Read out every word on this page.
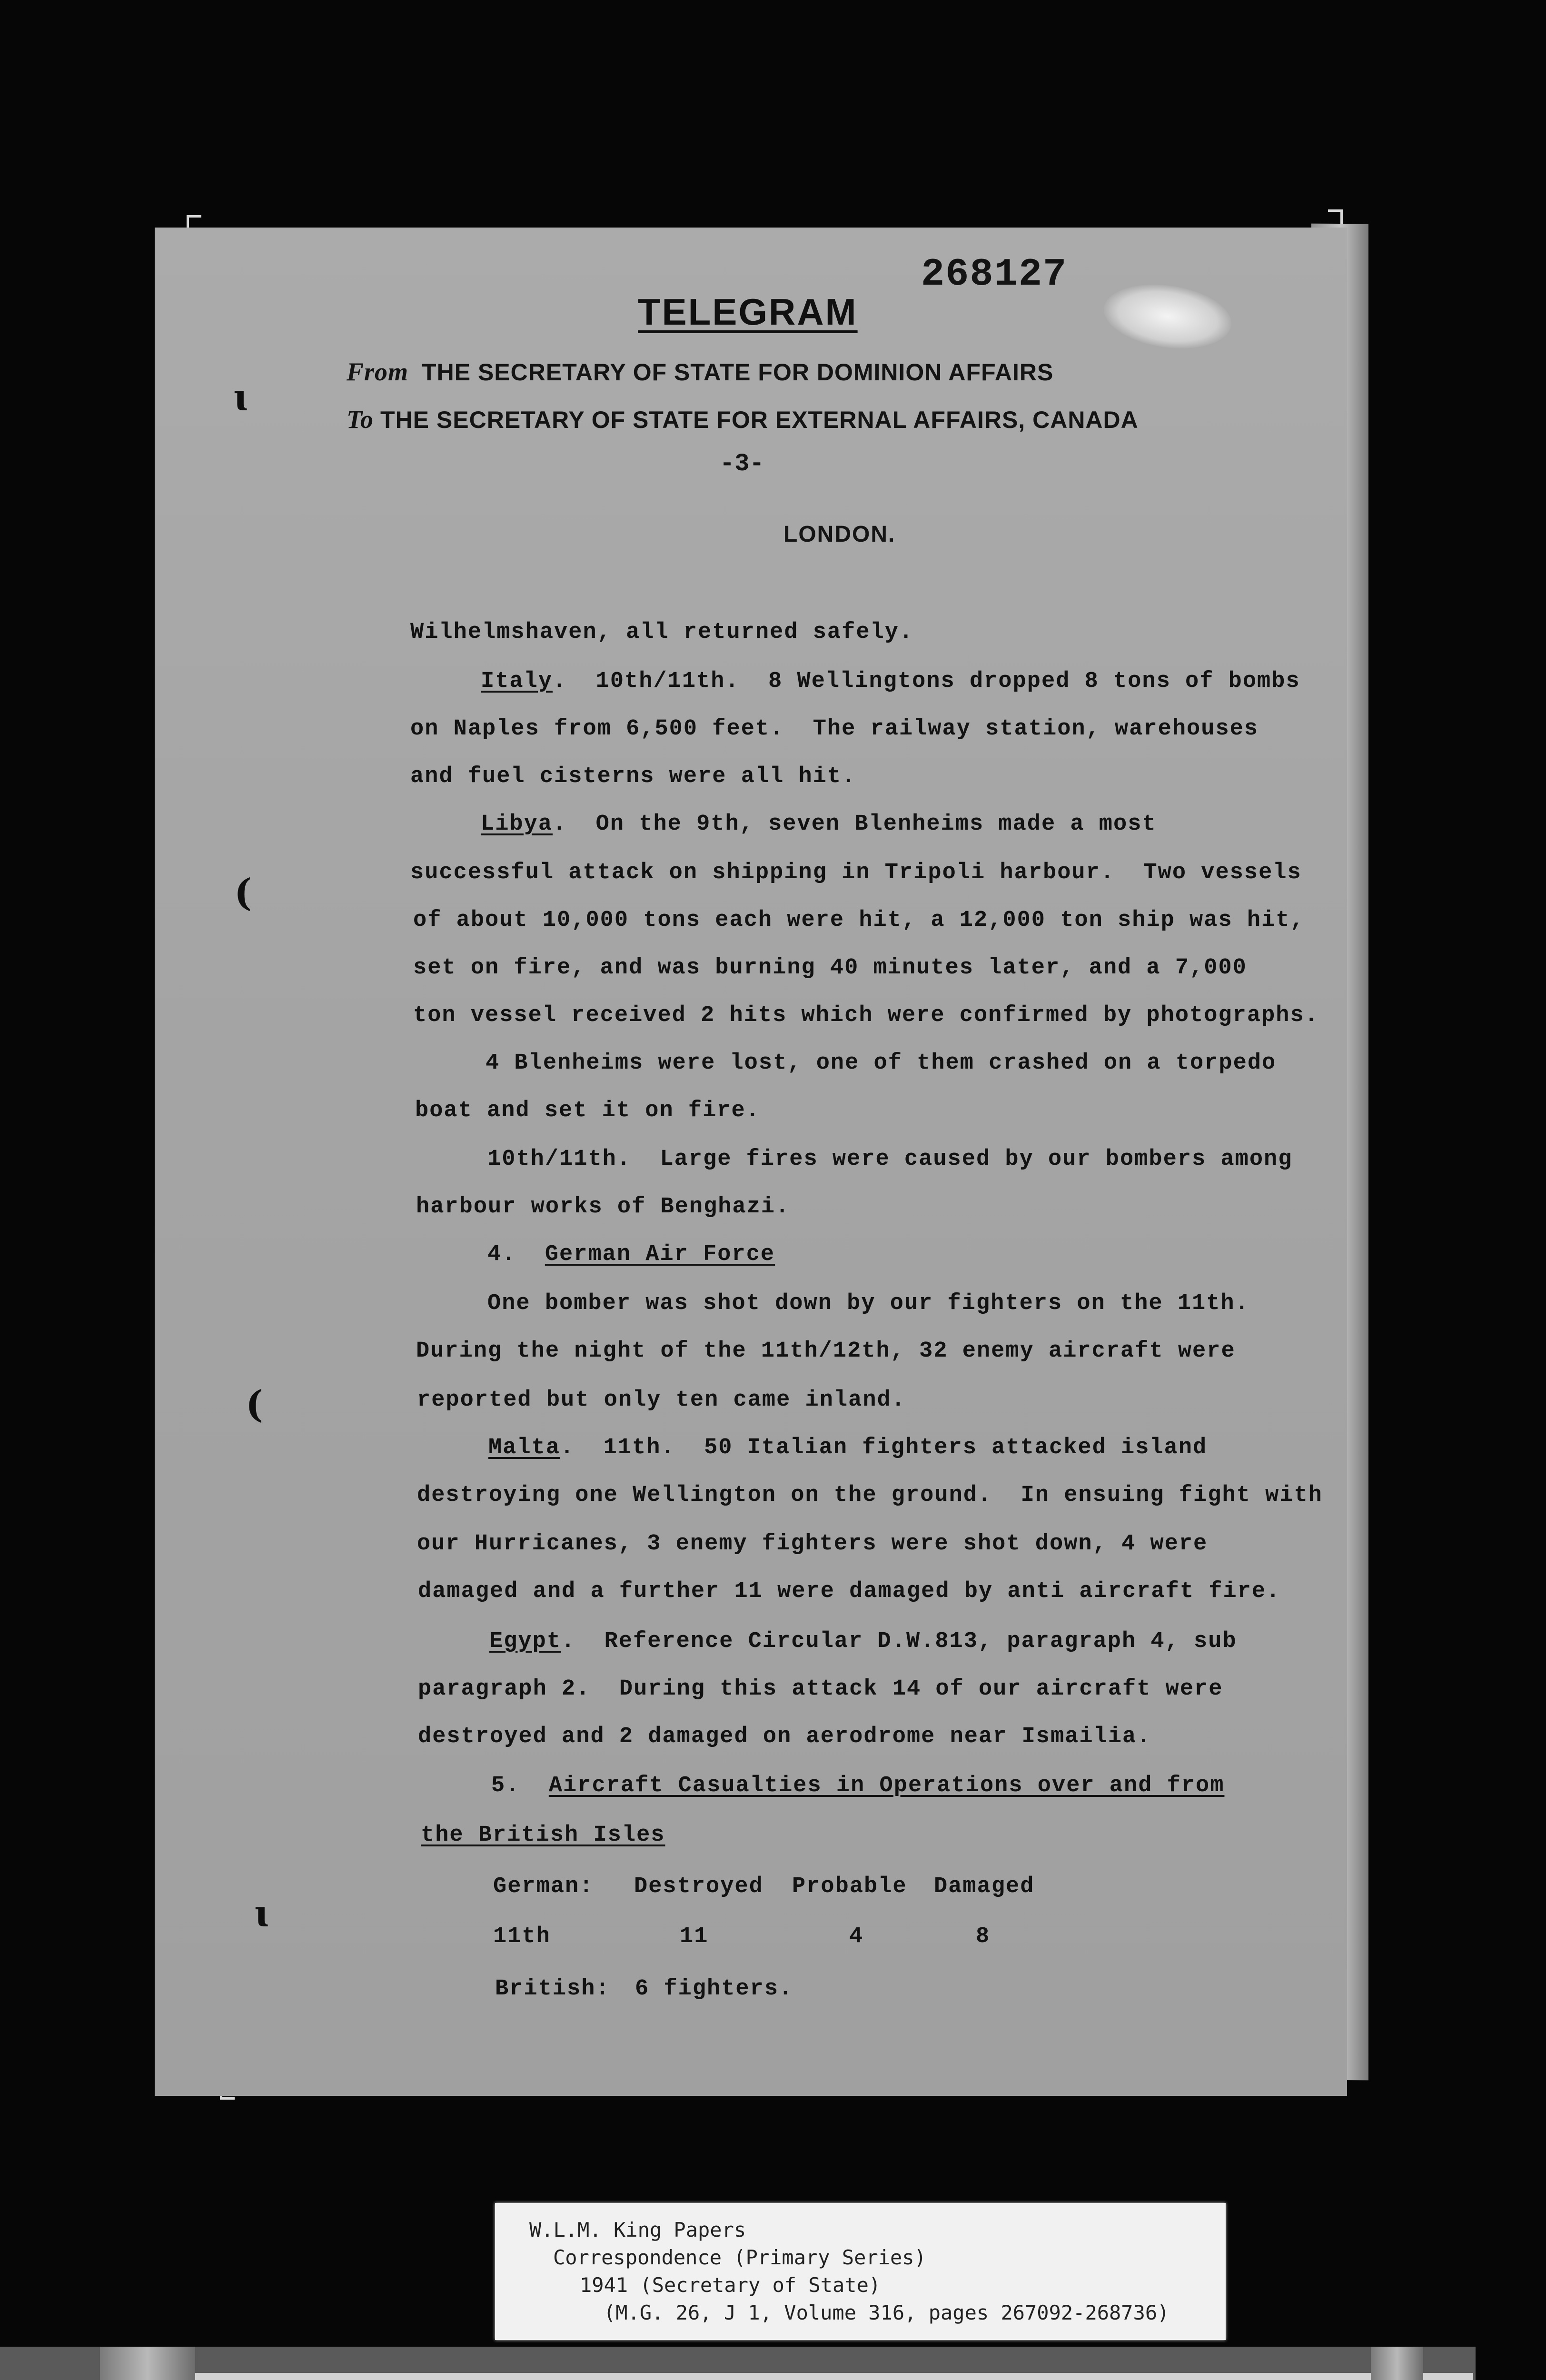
ɩ
(
(
ɩ
268127
TELEGRAM
From THE SECRETARY OF STATE FOR DOMINION AFFAIRS
To THE SECRETARY OF STATE FOR EXTERNAL AFFAIRS, CANADA
-3-
LONDON.
Wilhelmshaven, all returned safely.
Italy.  10th/11th.  8 Wellingtons dropped 8 tons of bombs
on Naples from 6,500 feet.  The railway station, warehouses
and fuel cisterns were all hit.
Libya.  On the 9th, seven Blenheims made a most
successful attack on shipping in Tripoli harbour.  Two vessels
of about 10,000 tons each were hit, a 12,000 ton ship was hit,
set on fire, and was burning 40 minutes later, and a 7,000
ton vessel received 2 hits which were confirmed by photographs.
4 Blenheims were lost, one of them crashed on a torpedo
boat and set it on fire.
10th/11th.  Large fires were caused by our bombers among
harbour works of Benghazi.
4.  German Air Force
One bomber was shot down by our fighters on the 11th.
During the night of the 11th/12th, 32 enemy aircraft were
reported but only ten came inland.
Malta.  11th.  50 Italian fighters attacked island
destroying one Wellington on the ground.  In ensuing fight with
our Hurricanes, 3 enemy fighters were shot down, 4 were
damaged and a further 11 were damaged by anti aircraft fire.
Egypt.  Reference Circular D.W.813, paragraph 4, sub
paragraph 2.  During this attack 14 of our aircraft were
destroyed and 2 damaged on aerodrome near Ismailia.
5.  Aircraft Casualties in Operations over and from
the British Isles
German: Destroyed Probable Damaged
11th	11	4	8
British: 6 fighters.
W.L.M. King Papers
Correspondence (Primary Series)
1941 (Secretary of State)
(M.G. 26, J 1, Volume 316, pages 267092-268736)
